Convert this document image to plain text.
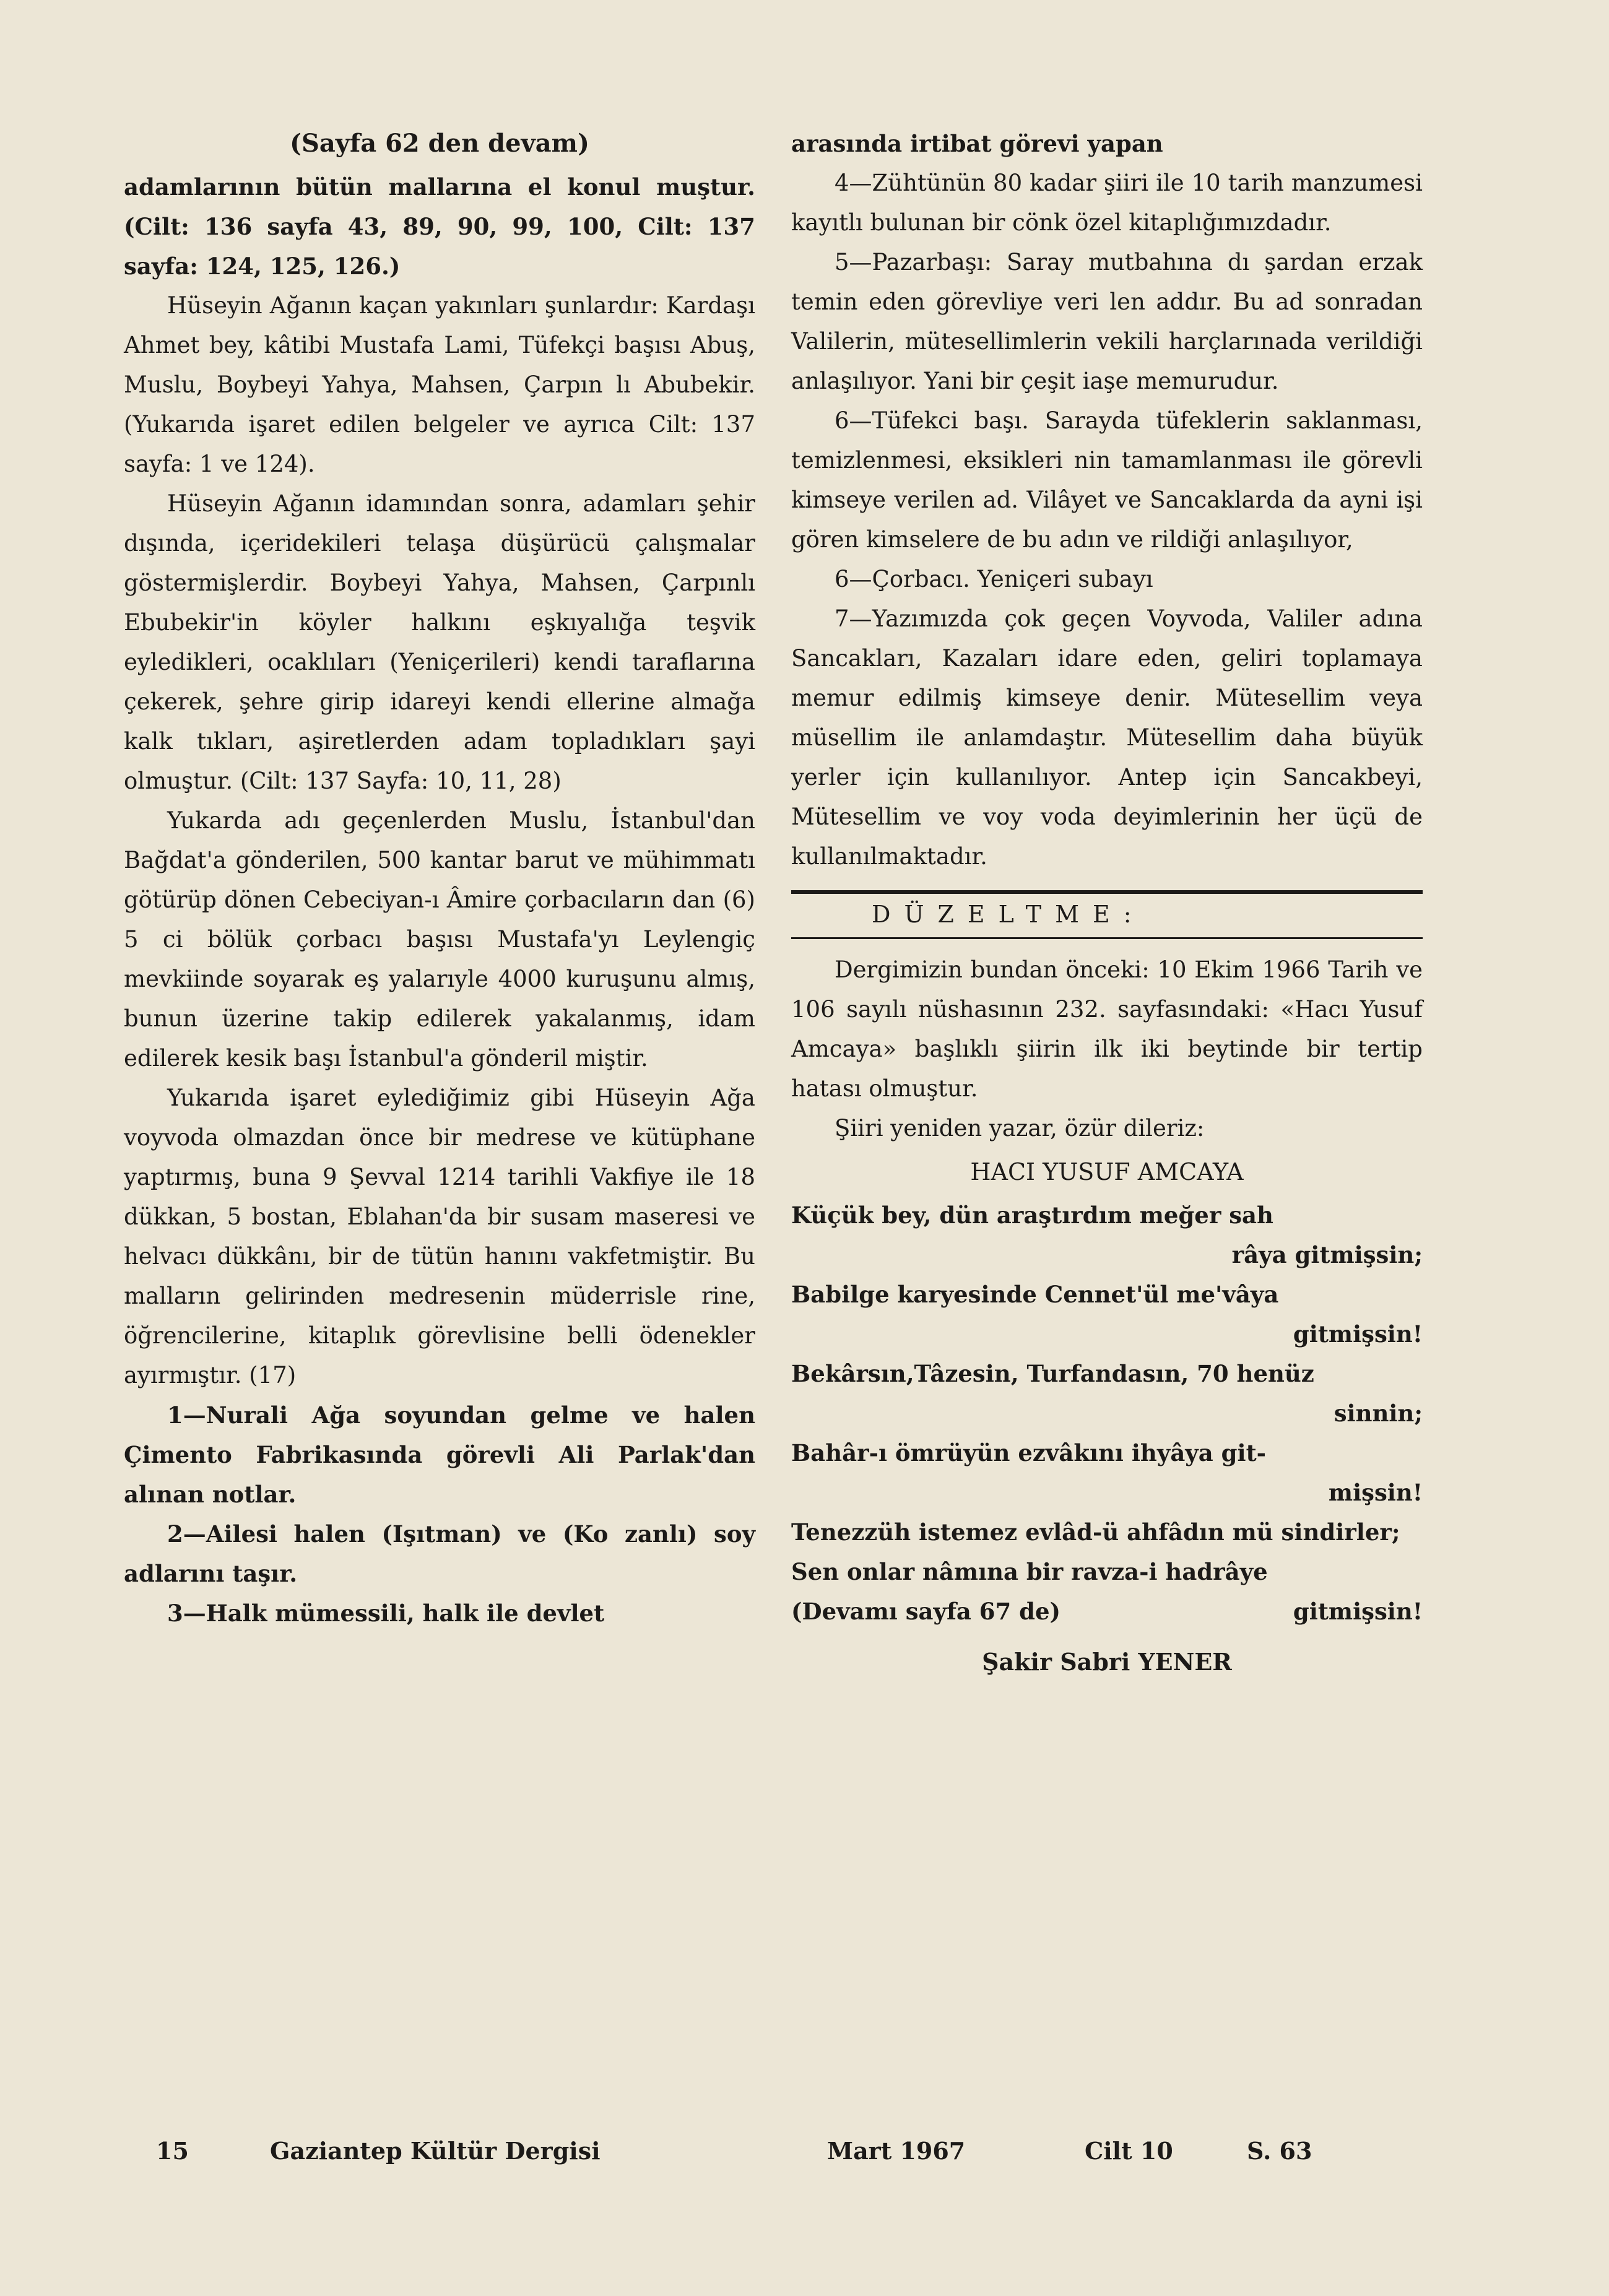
(Sayfa 62 den devam)

adamlarının bütün mallarına el konul muştur. (Cilt: 136 sayfa 43, 89, 90, 99, 100, Cilt: 137 sayfa: 124, 125, 126.)

Hüseyin Ağanın kaçan yakınları şunlardır: Kardaşı Ahmet bey, kâtibi Mustafa Lami, Tüfekçi başısı Abuş, Muslu, Boybeyi Yahya, Mahsen, Çarpın lı Abubekir. (Yukarıda işaret edilen belgeler ve ayrıca Cilt: 137 sayfa: 1 ve 124).

Hüseyin Ağanın idamından sonra, adamları şehir dışında, içeridekileri telaşa düşürücü çalışmalar göstermişlerdir. Boybeyi Yahya, Mahsen, Çarpınlı Ebubekir'in köyler halkını eşkıyalığa teşvik eyledikleri, ocaklıları (Yeniçerileri) kendi taraflarına çekerek, şehre girip idareyi kendi ellerine almağa kalk tıkları, aşiretlerden adam topladıkları şayi olmuştur. (Cilt: 137 Sayfa: 10, 11, 28)

Yukarda adı geçenlerden Muslu, İstanbul'dan Bağdat'a gönderilen, 500 kantar barut ve mühimmatı götürüp dönen Cebeciyan-ı Âmire çorbacıların dan (6) 5 ci bölük çorbacı başısı Mustafa'yı Leylengiç mevkiinde soyarak eş yalarıyle 4000 kuruşunu almış, bunun üzerine takip edilerek yakalanmış, idam edilerek kesik başı İstanbul'a gönderil miştir.

Yukarıda işaret eylediğimiz gibi Hüseyin Ağa voyvoda olmazdan önce bir medrese ve kütüphane yaptırmış, buna 9 Şevval 1214 tarihli Vakfiye ile 18 dükkan, 5 bostan, Eblahan'da bir susam maseresi ve helvacı dükkânı, bir de tütün hanını vakfetmiştir. Bu malların gelirinden medresenin müderrisle rine, öğrencilerine, kitaplık görevlisine belli ödenekler ayırmıştır. (17)

1—Nurali Ağa soyundan gelme ve halen Çimento Fabrikasında görevli Ali Parlak'dan alınan notlar.

2—Ailesi halen (Işıtman) ve (Ko zanlı) soy adlarını taşır.

3—Halk mümessili, halk ile devlet

arasında irtibat görevi yapan

4—Zühtünün 80 kadar şiiri ile 10 tarih manzumesi kayıtlı bulunan bir cönk özel kitaplığımızdadır.

5—Pazarbaşı: Saray mutbahına dı şardan erzak temin eden görevliye veri len addır. Bu ad sonradan Valilerin, mütesellimlerin vekili harçlarınada verildiği anlaşılıyor. Yani bir çeşit iaşe memurudur.

6—Tüfekci başı. Sarayda tüfeklerin saklanması, temizlenmesi, eksikleri nin tamamlanması ile görevli kimseye verilen ad. Vilâyet ve Sancaklarda da ayni işi gören kimselere de bu adın ve rildiği anlaşılıyor,

6—Çorbacı. Yeniçeri subayı

7—Yazımızda çok geçen Voyvoda, Valiler adına Sancakları, Kazaları idare eden, geliri toplamaya memur edilmiş kimseye denir. Mütesellim veya müsellim ile anlamdaştır. Mütesellim daha büyük yerler için kullanılıyor. Antep için Sancakbeyi, Mütesellim ve voy voda deyimlerinin her üçü de kullanılmaktadır.

DÜZELTME:

Dergimizin bundan önceki: 10 Ekim 1966 Tarih ve 106 sayılı nüshasının 232. sayfasındaki: «Hacı Yusuf Amcaya» başlıklı şiirin ilk iki beytinde bir tertip hatası olmuştur.

Şiiri yeniden yazar, özür dileriz:

HACI YUSUF AMCAYA

Küçük bey, dün araştırdım meğer sah

râya gitmişsin;

Babilge karyesinde Cennet'ül me'vâya

gitmişsin!

Bekârsın,Tâzesin, Turfandasın, 70 henüz

sinnin;

Bahâr-ı ömrüyün ezvâkını ihyâya git-

mişsin!

Tenezzüh istemez evlâd-ü ahfâdın mü sindirler;

Sen onlar nâmına bir ravza-i hadrâye

(Devamı sayfa 67 de)	gitmişsin!

Şakir Sabri YENER
15	Gaziantep Kültür Dergisi	Mart 1967	Cilt 10	S. 63
